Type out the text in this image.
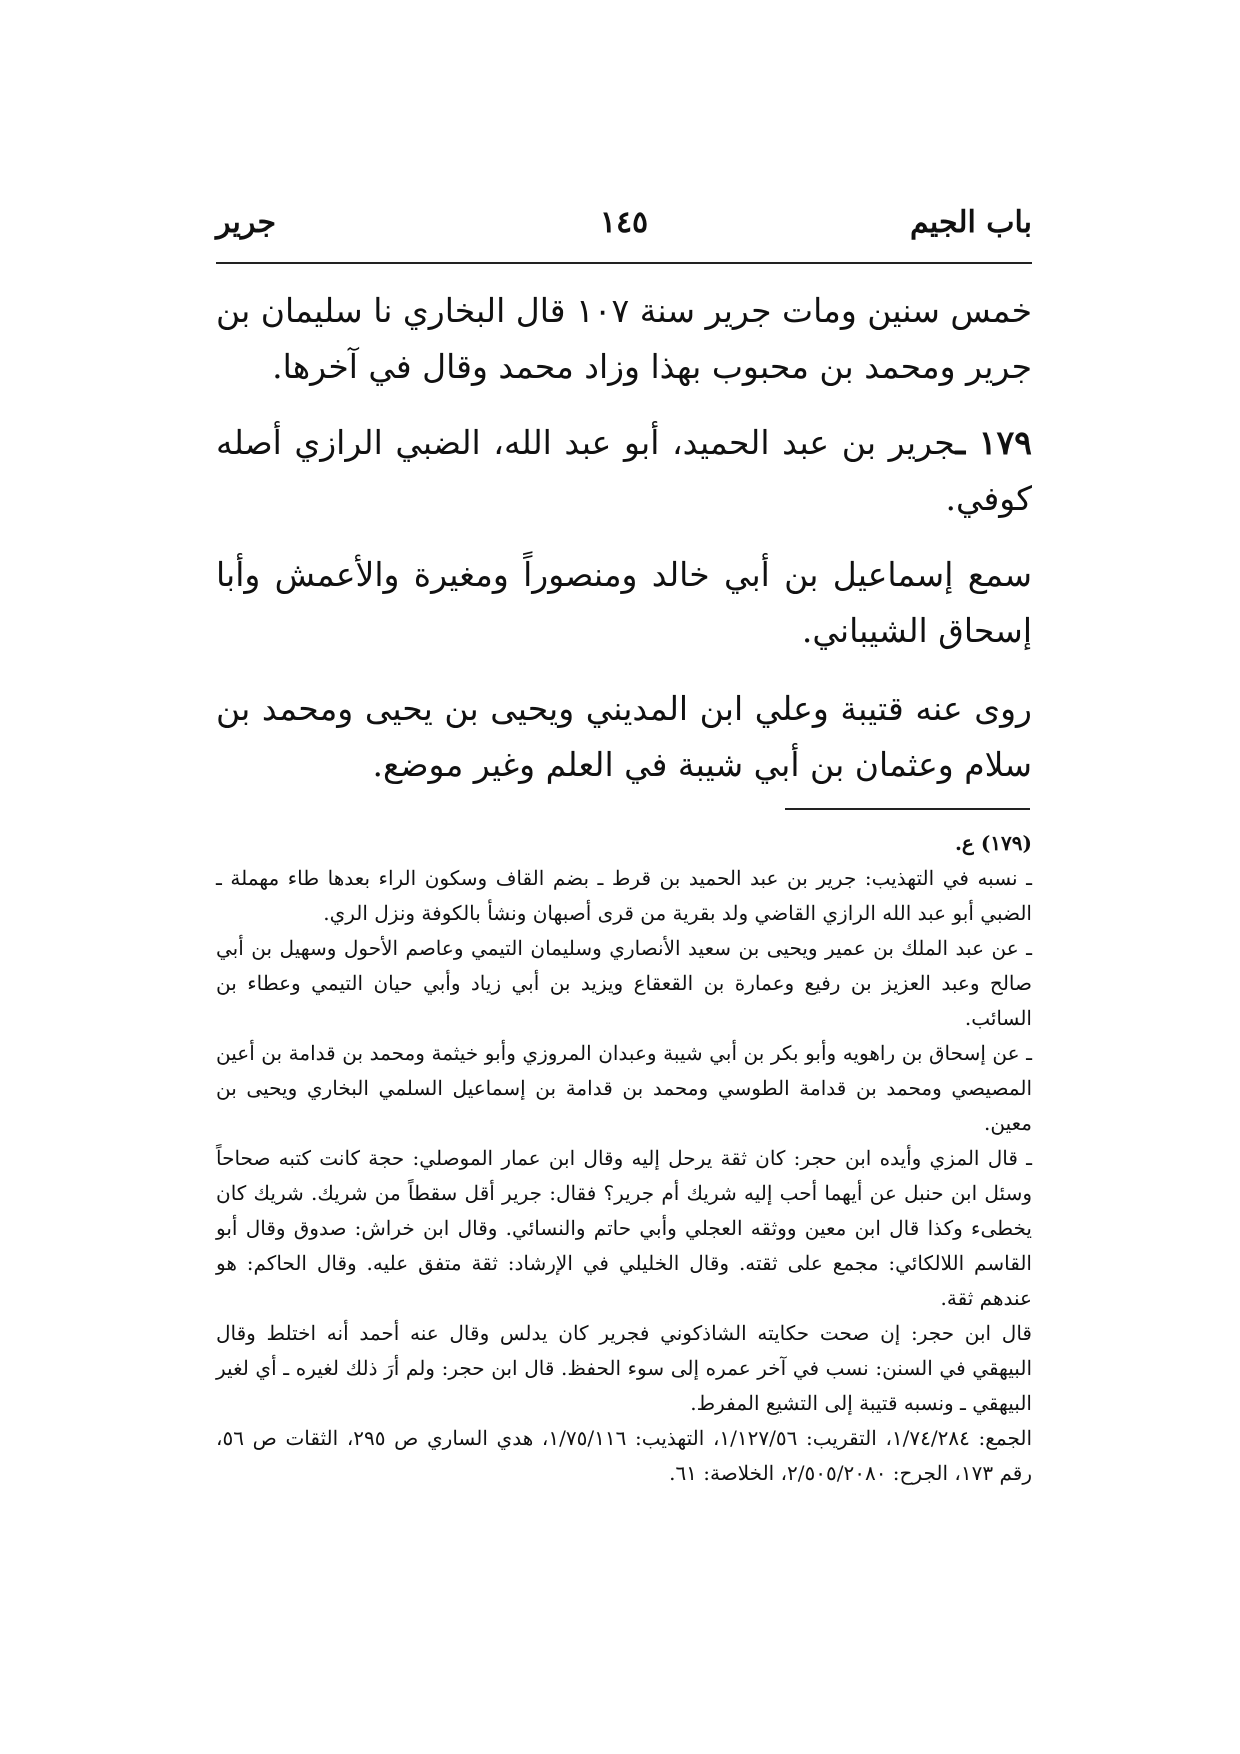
باب الجيم
١٤٥
جرير

خمس سنين ومات جرير سنة ١٠٧ قال البخاري نا سليمان بن جرير ومحمد بن محبوب بهذا وزاد محمد وقال في آخرها.

١٧٩ ـجرير بن عبد الحميد، أبو عبد الله، الضبي الرازي أصله كوفي.

سمع إسماعيل بن أبي خالد ومنصوراً ومغيرة والأعمش وأبا إسحاق الشيباني.

روى عنه قتيبة وعلي ابن المديني ويحيى بن يحيى ومحمد بن سلام وعثمان بن أبي شيبة في العلم وغير موضع.

(١٧٩) ع.

ـ نسبه في التهذيب: جرير بن عبد الحميد بن قرط ـ بضم القاف وسكون الراء بعدها طاء مهملة ـ الضبي أبو عبد الله الرازي القاضي ولد بقرية من قرى أصبهان ونشأ بالكوفة ونزل الري.

ـ عن عبد الملك بن عمير ويحيى بن سعيد الأنصاري وسليمان التيمي وعاصم الأحول وسهيل بن أبي صالح وعبد العزيز بن رفيع وعمارة بن القعقاع ويزيد بن أبي زياد وأبي حيان التيمي وعطاء بن السائب.

ـ عن إسحاق بن راهويه وأبو بكر بن أبي شيبة وعبدان المروزي وأبو خيثمة ومحمد بن قدامة بن أعين المصيصي ومحمد بن قدامة الطوسي ومحمد بن قدامة بن إسماعيل السلمي البخاري ويحيى بن معين.

ـ قال المزي وأيده ابن حجر: كان ثقة يرحل إليه وقال ابن عمار الموصلي: حجة كانت كتبه صحاحاً وسئل ابن حنبل عن أيهما أحب إليه شريك أم جرير؟ فقال: جرير أقل سقطاً من شريك. شريك كان يخطىء وكذا قال ابن معين ووثقه العجلي وأبي حاتم والنسائي. وقال ابن خراش: صدوق وقال أبو القاسم اللالكائي: مجمع على ثقته. وقال الخليلي في الإرشاد: ثقة متفق عليه. وقال الحاكم: هو عندهم ثقة.

قال ابن حجر: إن صحت حكايته الشاذكوني فجرير كان يدلس وقال عنه أحمد أنه اختلط وقال البيهقي في السنن: نسب في آخر عمره إلى سوء الحفظ. قال ابن حجر: ولم أرَ ذلك لغيره ـ أي لغير البيهقي ـ ونسبه قتيبة إلى التشيع المفرط.

الجمع: ١/٧٤/٢٨٤، التقريب: ١/١٢٧/٥٦، التهذيب: ١/٧٥/١١٦، هدي الساري ص ٢٩٥، الثقات ص ٥٦، رقم ١٧٣، الجرح: ٢/٥٠٥/٢٠٨٠، الخلاصة: ٦١.
